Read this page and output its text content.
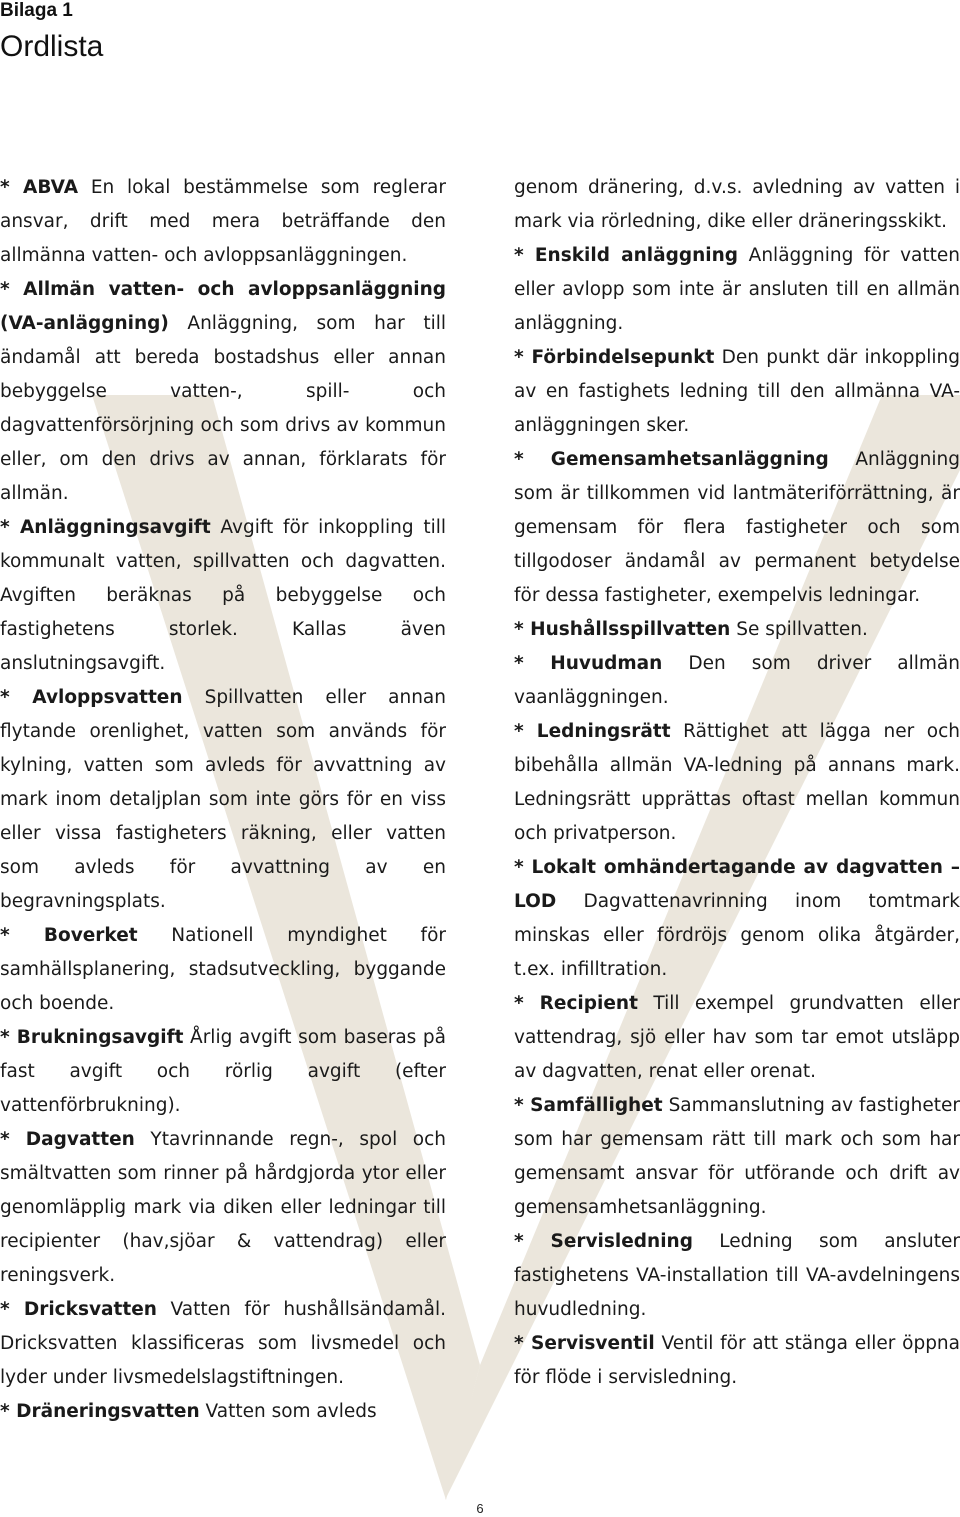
Bilaga 1
Ordlista

* ABVA En lokal bestämmelse som reglerar ansvar, drift med mera beträffande den allmänna vatten- och avloppsanläggningen.

* Allmän vatten- och avloppsanläggning (VA-anläggning) Anläggning, som har till ändamål att bereda bostadshus eller annan bebyggelse vatten-, spill- och dagvattenförsörjning och som drivs av kommun eller, om den drivs av annan, förklarats för allmän.

* Anläggningsavgift Avgift för inkoppling till kommunalt vatten, spillvatten och dagvatten. Avgiften beräknas på bebyggelse och fastighetens storlek. Kallas även anslutningsavgift.

* Avloppsvatten Spillvatten eller annan flytande orenlighet, vatten som används för kylning, vatten som avleds för avvattning av mark inom detaljplan som inte görs för en viss eller vissa fastigheters räkning, eller vatten som avleds för avvattning av en begravningsplats.

* Boverket Nationell myndighet för samhällsplanering, stadsutveckling, byggande och boende.

* Brukningsavgift Årlig avgift som baseras på fast avgift och rörlig avgift (efter vattenförbrukning).

* Dagvatten Ytavrinnande regn-, spol och smältvatten som rinner på hårdgjorda ytor eller genomläpplig mark via diken eller ledningar till recipienter (hav,sjöar & vattendrag) eller reningsverk.

* Dricksvatten Vatten för hushållsändamål. Dricksvatten klassificeras som livsmedel och lyder under livsmedelslagstiftningen.

* Dräneringsvatten Vatten som avleds

genom dränering, d.v.s. avledning av vatten i mark via rörledning, dike eller dräneringsskikt.

* Enskild anläggning Anläggning för vatten eller avlopp som inte är ansluten till en allmän anläggning.

* Förbindelsepunkt Den punkt där inkoppling av en fastighets ledning till den allmänna VA-anläggningen sker.

* Gemensamhetsanläggning Anläggning som är tillkommen vid lantmäteriförrättning, är gemensam för flera fastigheter och som tillgodoser ändamål av permanent betydelse för dessa fastigheter, exempelvis ledningar.

* Hushållsspillvatten Se spillvatten.

* Huvudman Den som driver allmän vaanläggningen.

* Ledningsrätt Rättighet att lägga ner och bibehålla allmän VA-ledning på annans mark. Ledningsrätt upprättas oftast mellan kommun och privatperson.

* Lokalt omhändertagande av dagvatten – LOD Dagvattenavrinning inom tomtmark minskas eller fördröjs genom olika åtgärder, t.ex. infilltration.

* Recipient Till exempel grundvatten eller vattendrag, sjö eller hav som tar emot utsläpp av dagvatten, renat eller orenat.

* Samfällighet Sammanslutning av fastigheter som har gemensam rätt till mark och som har gemensamt ansvar för utförande och drift av gemensamhetsanläggning.

* Servisledning Ledning som ansluter fastighetens VA-installation till VA-avdelningens huvudledning.

* Servisventil Ventil för att stänga eller öppna för flöde i servisledning.

6
